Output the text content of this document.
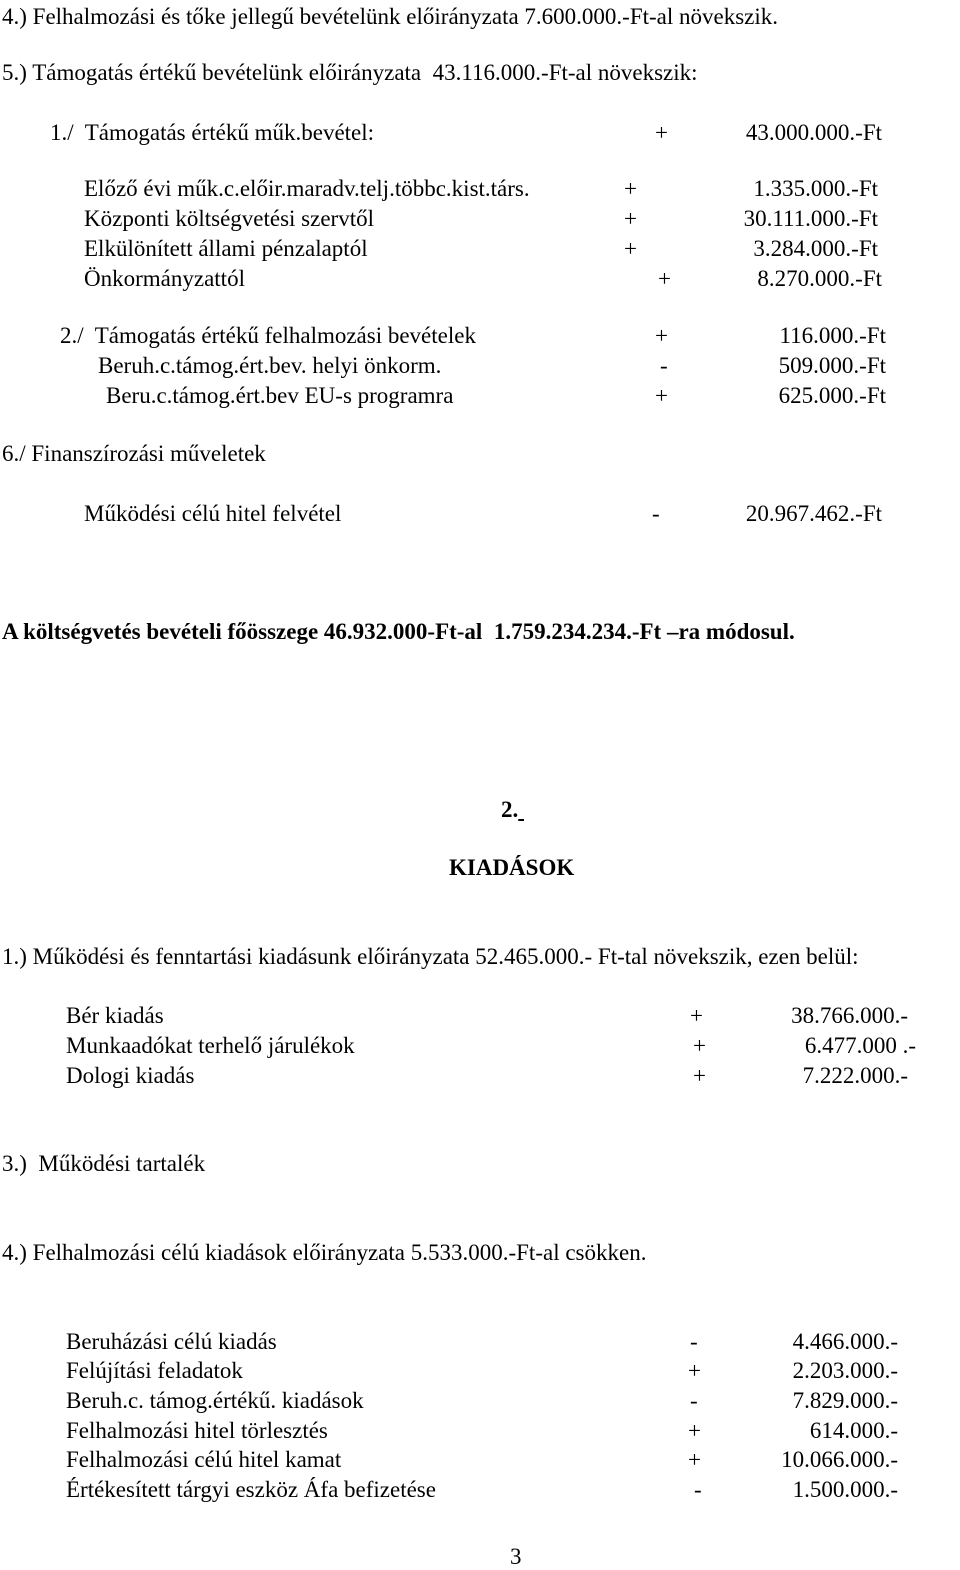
4.) Felhalmozási és tőke jellegű bevételünk előirányzata 7.600.000.-Ft-al növekszik.
5.) Támogatás értékű bevételünk előirányzata  43.116.000.-Ft-al növekszik:
1./  Támogatás értékű műk.bevétel:	+	43.000.000.-Ft
Előző évi műk.c.előir.maradv.telj.többc.kist.társ.	+	1.335.000.-Ft
Központi költségvetési szervtől	+	30.111.000.-Ft
Elkülönített állami pénzalaptól	+	3.284.000.-Ft
Önkormányzattól	+	8.270.000.-Ft
2./  Támogatás értékű felhalmozási bevételek	+	116.000.-Ft
Beruh.c.támog.ért.bev. helyi önkorm.	-	509.000.-Ft
Beru.c.támog.ért.bev EU-s programra	+	625.000.-Ft
6./ Finanszírozási műveletek
Működési célú hitel felvétel	-	20.967.462.-Ft
A költségvetés bevételi főösszege 46.932.000-Ft-al  1.759.234.234.-Ft –ra módosul.
2.
KIADÁSOK
1.) Működési és fenntartási kiadásunk előirányzata 52.465.000.- Ft-tal növekszik, ezen belül:
Bér kiadás	+	38.766.000.-
Munkaadókat terhelő járulékok	+	6.477.000 .-
Dologi kiadás	+	7.222.000.-
3.)  Működési tartalék
4.) Felhalmozási célú kiadások előirányzata 5.533.000.-Ft-al csökken.
Beruházási célú kiadás	-	4.466.000.-
Felújítási feladatok	+	2.203.000.-
Beruh.c. támog.értékű. kiadások	-	7.829.000.-
Felhalmozási hitel törlesztés	+	614.000.-
Felhalmozási célú hitel kamat	+	10.066.000.-
Értékesített tárgyi eszköz Áfa befizetése	-	1.500.000.-
3
